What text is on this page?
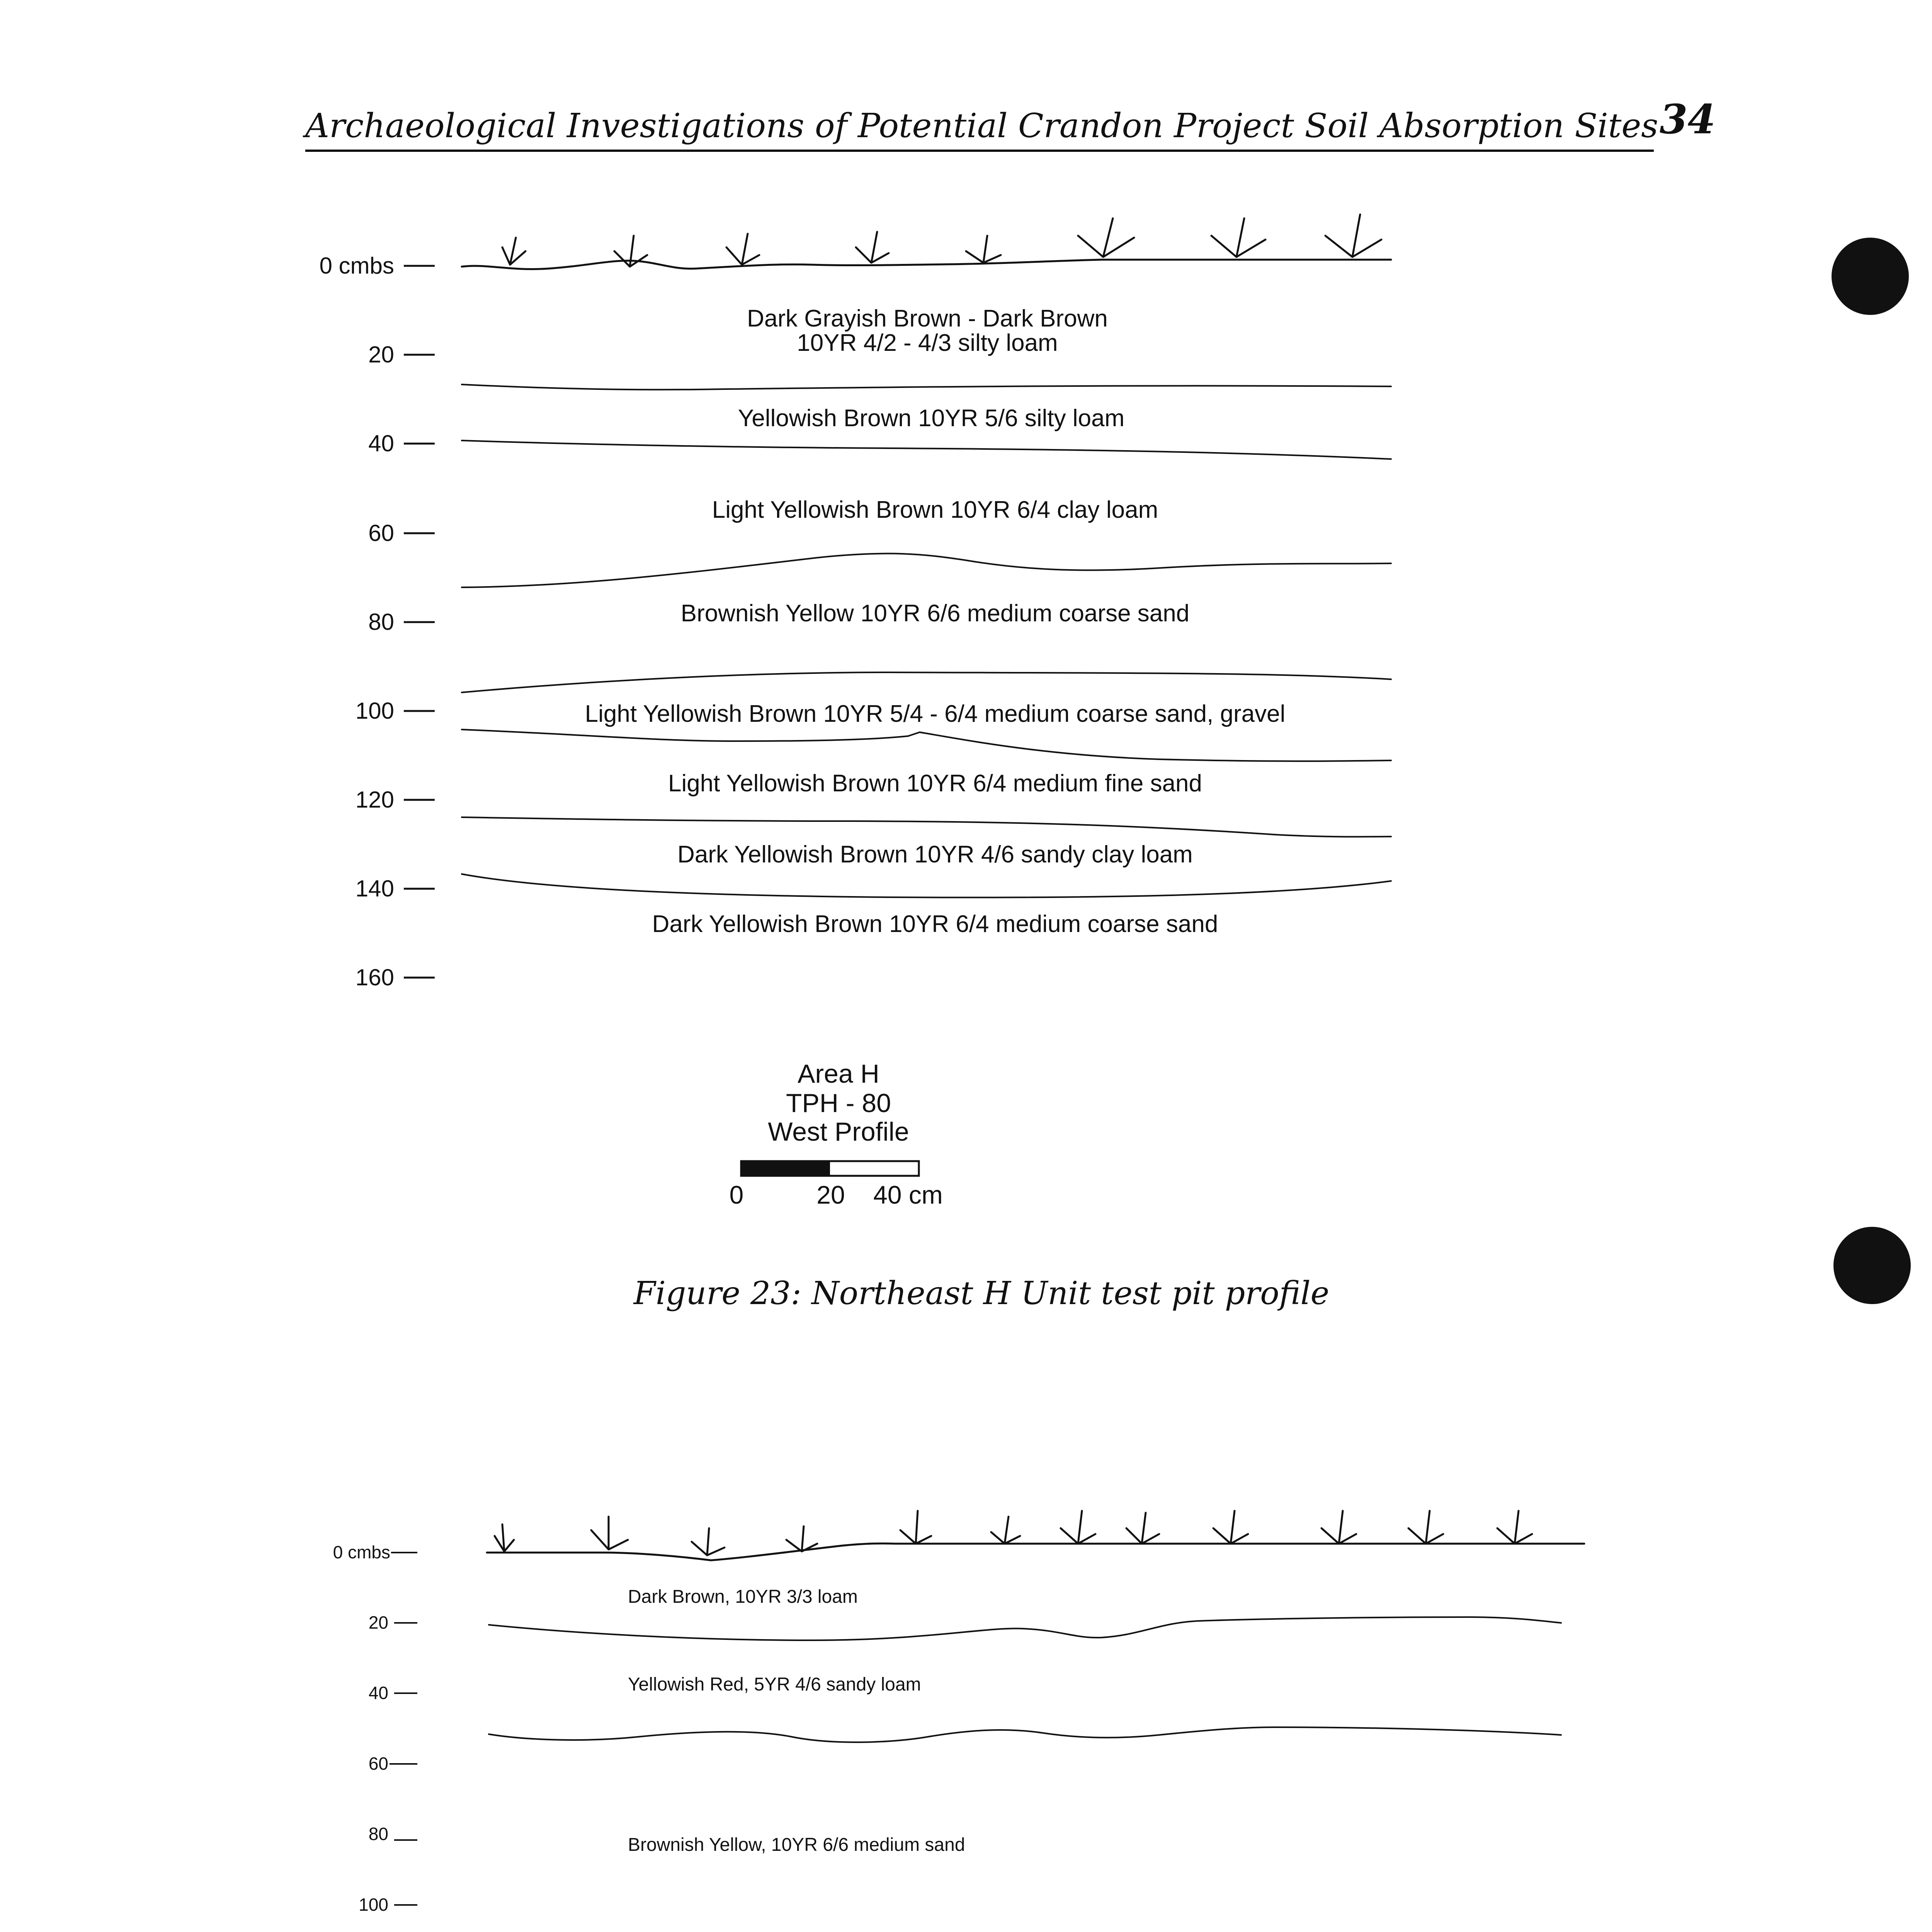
Archaeological Investigations of Potential Crandon Project Soil Absorption Sites 34
0 cmbs
20
40
60
80
100
120
140
160
Dark Grayish Brown - Dark Brown
10YR 4/2 - 4/3 silty loam
Yellowish Brown 10YR 5/6 silty loam
Light Yellowish Brown 10YR 6/4 clay loam
Brownish Yellow 10YR 6/6 medium coarse sand
Light Yellowish Brown 10YR 5/4 - 6/4 medium coarse sand, gravel
Light Yellowish Brown 10YR 6/4 medium fine sand
Dark Yellowish Brown 10YR 4/6 sandy clay loam
Dark Yellowish Brown 10YR 6/4 medium coarse sand
Area H
TPH - 80
West Profile
0	20 40 cm
Figure 23: Northeast H Unit test pit profile
0 cmbs
20
40
60
80
100
Dark Brown, 10YR 3/3 loam
Yellowish Red, 5YR 4/6 sandy loam
Brownish Yellow, 10YR 6/6 medium sand
